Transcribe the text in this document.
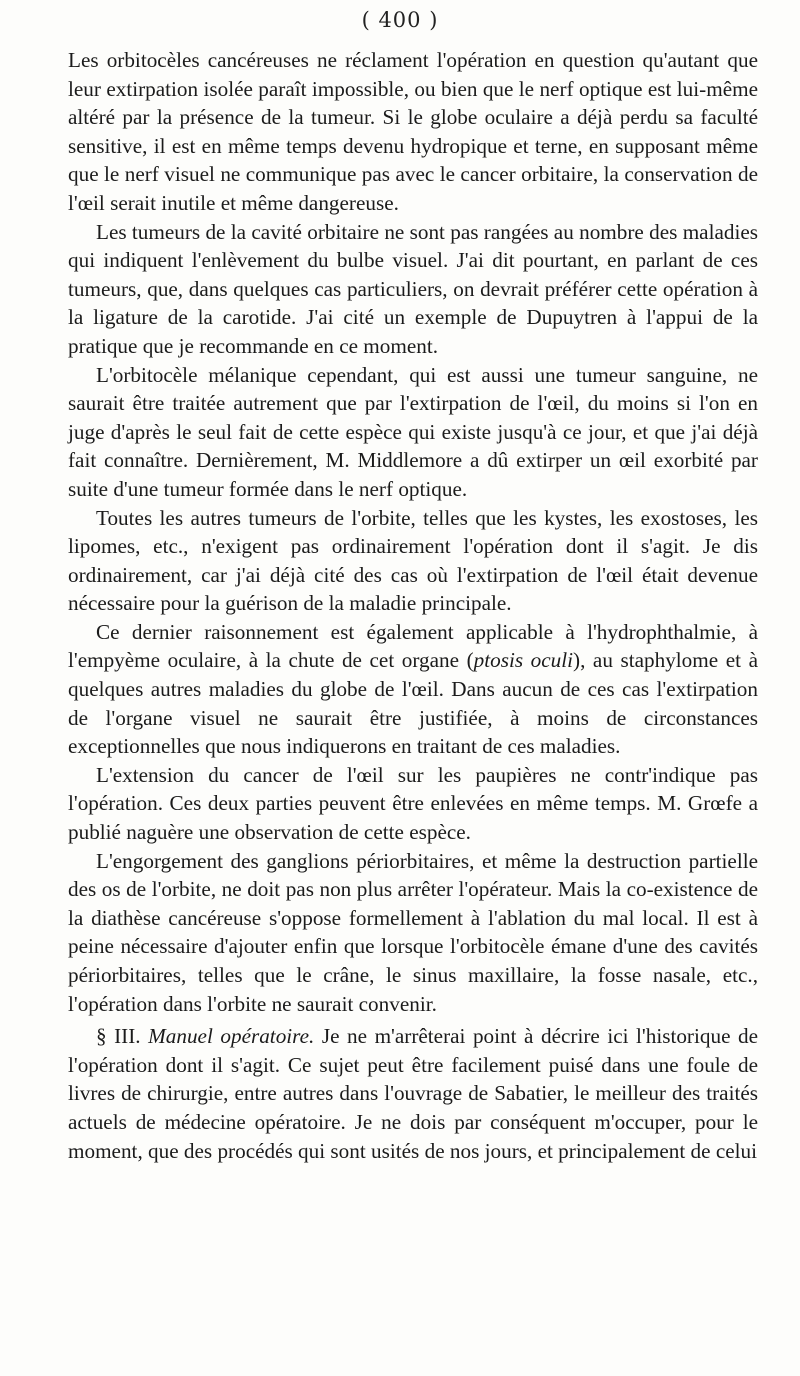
( 400 )

Les orbitocèles cancéreuses ne réclament l'opération en question qu'autant que leur extirpation isolée paraît impossible, ou bien que le nerf optique est lui-même altéré par la présence de la tumeur. Si le globe oculaire a déjà perdu sa faculté sensitive, il est en même temps devenu hydropique et terne, en supposant même que le nerf visuel ne communique pas avec le cancer orbitaire, la conservation de l'œil serait inutile et même dangereuse.

Les tumeurs de la cavité orbitaire ne sont pas rangées au nombre des maladies qui indiquent l'enlèvement du bulbe visuel. J'ai dit pourtant, en parlant de ces tumeurs, que, dans quelques cas particuliers, on devrait préférer cette opération à la ligature de la carotide. J'ai cité un exemple de Dupuytren à l'appui de la pratique que je recommande en ce moment.

L'orbitocèle mélanique cependant, qui est aussi une tumeur sanguine, ne saurait être traitée autrement que par l'extirpation de l'œil, du moins si l'on en juge d'après le seul fait de cette espèce qui existe jusqu'à ce jour, et que j'ai déjà fait connaître. Dernièrement, M. Middlemore a dû extirper un œil exorbité par suite d'une tumeur formée dans le nerf optique.

Toutes les autres tumeurs de l'orbite, telles que les kystes, les exostoses, les lipomes, etc., n'exigent pas ordinairement l'opération dont il s'agit. Je dis ordinairement, car j'ai déjà cité des cas où l'extirpation de l'œil était devenue nécessaire pour la guérison de la maladie principale.

Ce dernier raisonnement est également applicable à l'hydrophthalmie, à l'empyème oculaire, à la chute de cet organe (ptosis oculi), au staphylome et à quelques autres maladies du globe de l'œil. Dans aucun de ces cas l'extirpation de l'organe visuel ne saurait être justifiée, à moins de circonstances exceptionnelles que nous indiquerons en traitant de ces maladies.

L'extension du cancer de l'œil sur les paupières ne contr'indique pas l'opération. Ces deux parties peuvent être enlevées en même temps. M. Grœfe a publié naguère une observation de cette espèce.

L'engorgement des ganglions périorbitaires, et même la destruction partielle des os de l'orbite, ne doit pas non plus arrêter l'opérateur. Mais la co-existence de la diathèse cancéreuse s'oppose formellement à l'ablation du mal local. Il est à peine nécessaire d'ajouter enfin que lorsque l'orbitocèle émane d'une des cavités périorbitaires, telles que le crâne, le sinus maxillaire, la fosse nasale, etc., l'opération dans l'orbite ne saurait convenir.

§ III. Manuel opératoire. Je ne m'arrêterai point à décrire ici l'historique de l'opération dont il s'agit. Ce sujet peut être facilement puisé dans une foule de livres de chirurgie, entre autres dans l'ouvrage de Sabatier, le meilleur des traités actuels de médecine opératoire. Je ne dois par conséquent m'occuper, pour le moment, que des procédés qui sont usités de nos jours, et principalement de celui
